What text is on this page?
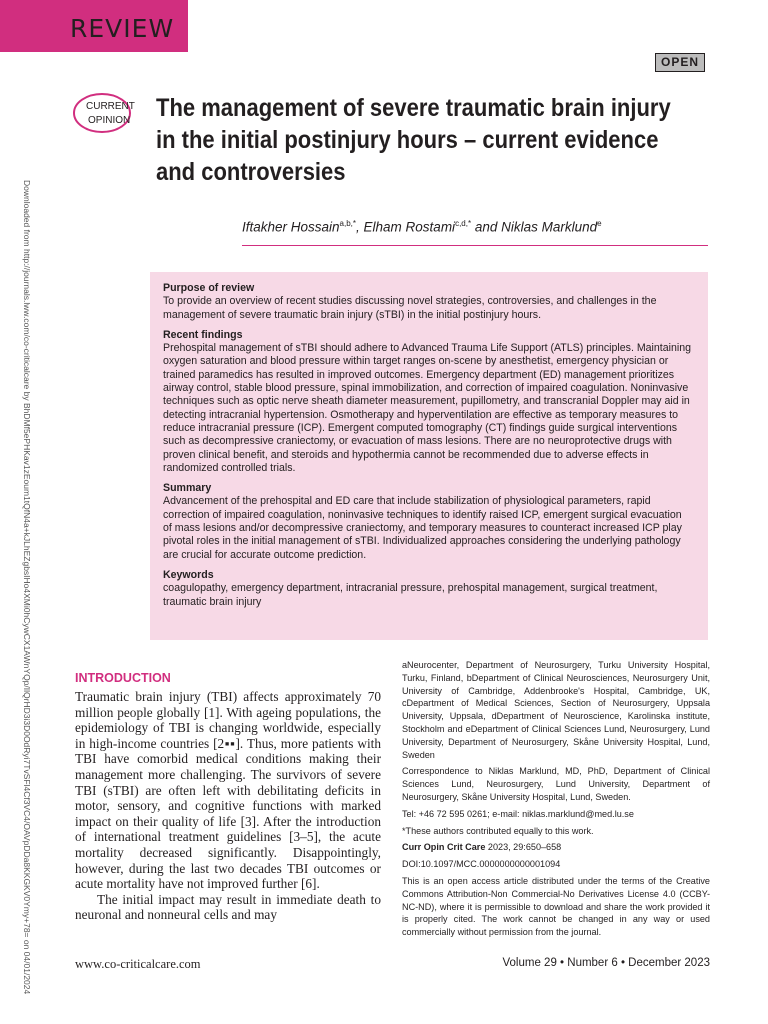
REVIEW
OPEN
CURRENT
OPINION The management of severe traumatic brain injury
in the initial postinjury hours – current evidence
and controversies
Downloaded from http://journals.lww.com/co-criticalcare by BhDMf5ePHKav1zEoum1tQfN4a+kJLhEZgbsIHo4XMi0hCywCX1AWnYQp/IlQrHD3i3D0OdRyi7TvSFl4Cf3VC4/OAVpDDa8KKGKV0Ymy+78= on 04/01/2024	Iftakher Hossain$^{a,b,*}$, Elham Rostami$^{c,d,*}$ and Niklas Marklund$^e$

Purpose of review

To provide an overview of recent studies discussing novel strategies, controversies, and challenges in the management of severe traumatic brain injury (sTBI) in the initial postinjury hours.

Recent findings

Prehospital management of sTBI should adhere to Advanced Trauma Life Support (ATLS) principles. Maintaining oxygen saturation and blood pressure within target ranges on-scene by anesthetist, emergency physician or trained paramedics has resulted in improved outcomes. Emergency department (ED) management prioritizes airway control, stable blood pressure, spinal immobilization, and correction of impaired coagulation. Noninvasive techniques such as optic nerve sheath diameter measurement, pupillometry, and transcranial Doppler may aid in detecting intracranial hypertension. Osmotherapy and hyperventilation are effective as temporary measures to reduce intracranial pressure (ICP). Emergent computed tomography (CT) findings guide surgical interventions such as decompressive craniectomy, or evacuation of mass lesions. There are no neuroprotective drugs with proven clinical benefit, and steroids and hypothermia cannot be recommended due to adverse effects in randomized controlled trials.

Summary

Advancement of the prehospital and ED care that include stabilization of physiological parameters, rapid correction of impaired coagulation, noninvasive techniques to identify raised ICP, emergent surgical evacuation of mass lesions and/or decompressive craniectomy, and temporary measures to counteract increased ICP play pivotal roles in the initial management of sTBI. Individualized approaches considering the underlying pathology are crucial for accurate outcome prediction.

Keywords

coagulopathy, emergency department, intracranial pressure, prehospital management, surgical treatment, traumatic brain injury

INTRODUCTION

Traumatic brain injury (TBI) affects approximately 70 million people globally [1]. With ageing populations, the epidemiology of TBI is changing worldwide, especially in high-income countries [2▪▪]. Thus, more patients with TBI have comorbid medical conditions making their management more challenging. The survivors of severe TBI (sTBI) are often left with debilitating deficits in motor, sensory, and cognitive functions with marked impact on their quality of life [3]. After the introduction of international treatment guidelines [3–5], the acute mortality decreased significantly. Disappointingly, however, during the last two decades TBI outcomes or acute mortality have not improved further [6].

The initial impact may result in immediate death to neuronal and nonneural cells and may

aNeurocenter, Department of Neurosurgery, Turku University Hospital, Turku, Finland, bDepartment of Clinical Neurosciences, Neurosurgery Unit, University of Cambridge, Addenbrooke's Hospital, Cambridge, UK, cDepartment of Medical Sciences, Section of Neurosurgery, Uppsala University, Uppsala, dDepartment of Neuroscience, Karolinska institute, Stockholm and eDepartment of Clinical Sciences Lund, Neurosurgery, Lund University, Department of Neurosurgery, Skåne University Hospital, Lund, Sweden

Correspondence to Niklas Marklund, MD, PhD, Department of Clinical Sciences Lund, Neurosurgery, Lund University, Department of Neurosurgery, Skåne University Hospital, Lund, Sweden.

Tel: +46 72 595 0261; e-mail: niklas.marklund@med.lu.se

*These authors contributed equally to this work.

Curr Opin Crit Care 2023, 29:650–658

DOI:10.1097/MCC.0000000000001094

This is an open access article distributed under the terms of the Creative Commons Attribution-Non Commercial-No Derivatives License 4.0 (CCBY-NC-ND), where it is permissible to download and share the work provided it is properly cited. The work cannot be changed in any way or used commercially without permission from the journal.

www.co-criticalcare.com	Volume 29 • Number 6 • December 2023
